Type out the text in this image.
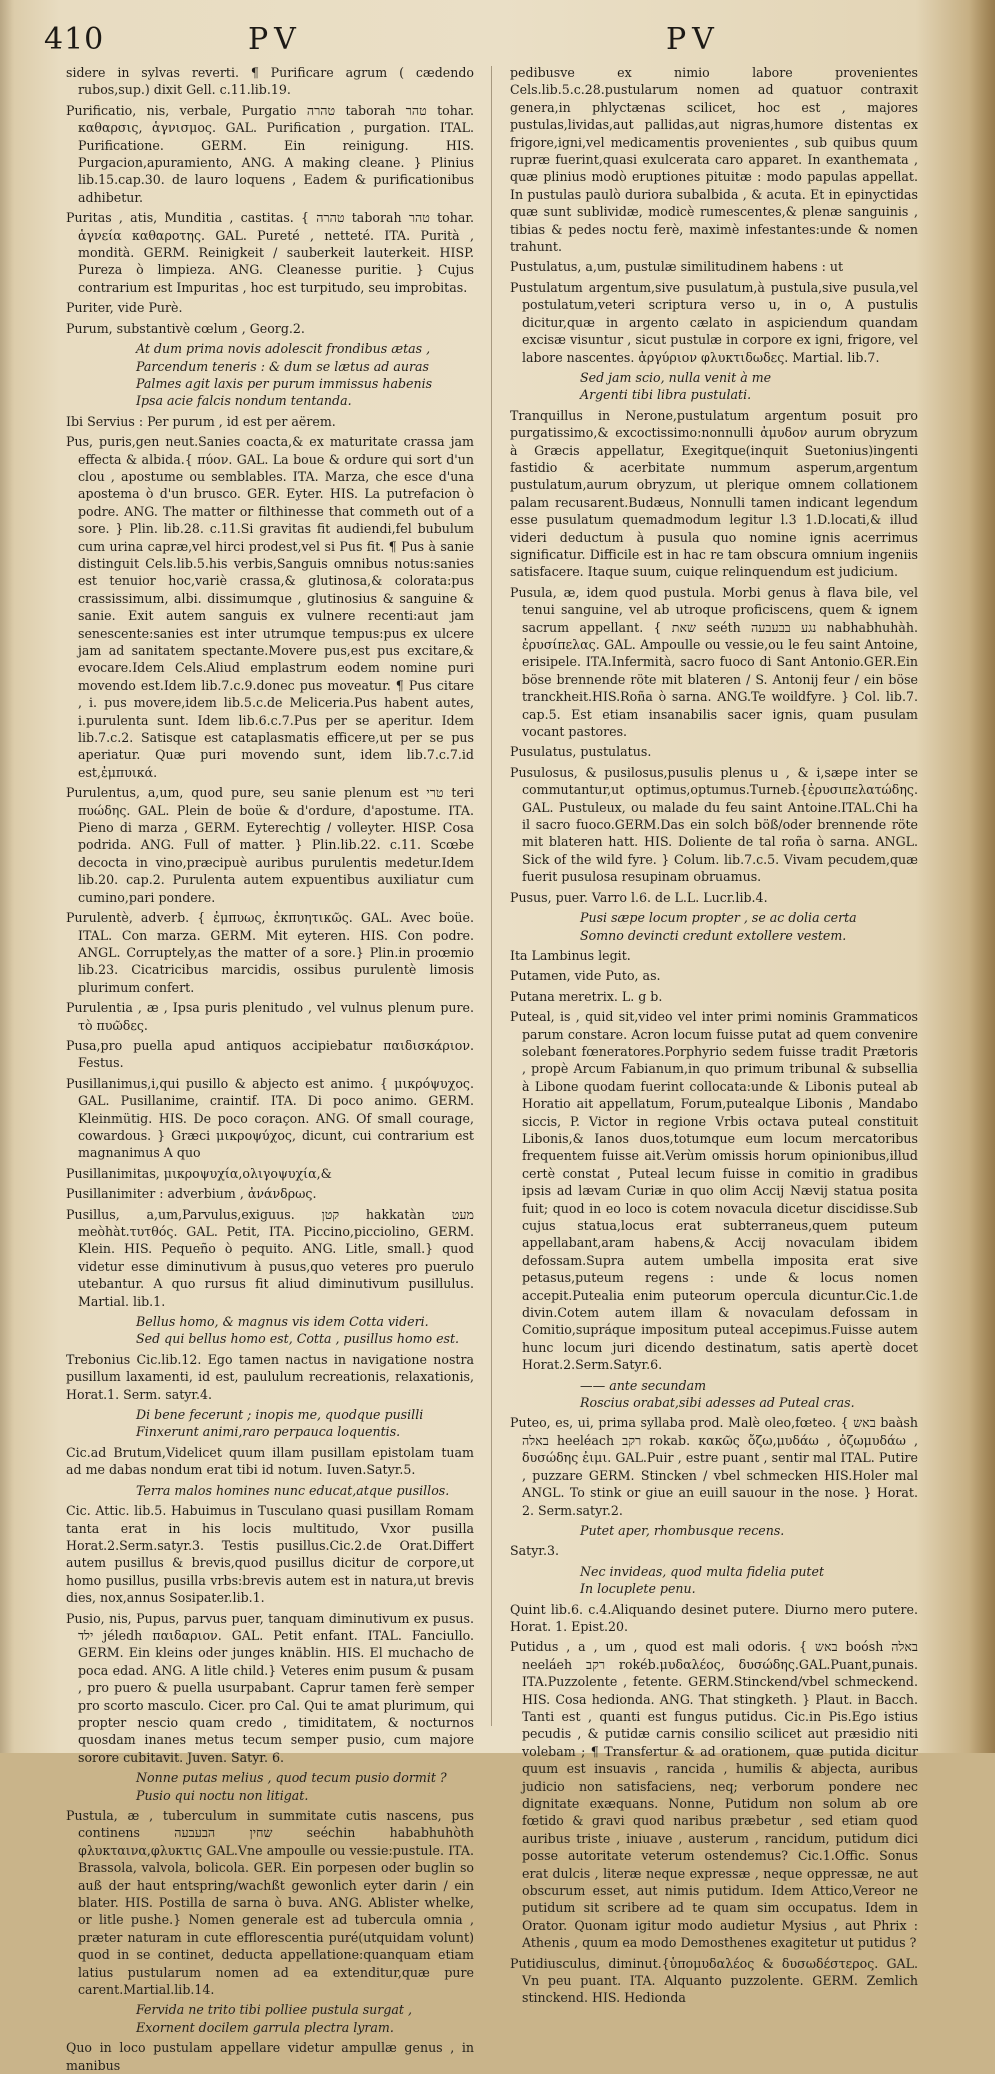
410	PV	PV

sidere in sylvas reverti. ¶ Purificare agrum ( cædendo rubos,sup.) dixit Gell. c.11.lib.19.

Purificatio, nis, verbale, Purgatio טהרה taborah טהר tohar. καθαρσις, ἁγνισμος. GAL. Purification , purgation. ITAL. Purificatione. GERM. Ein reinigung. HIS. Purgacion,apuramiento, ANG. A making cleane. } Plinius lib.15.cap.30. de lauro loquens , Eadem & purificationibus adhibetur.

Puritas , atis, Munditia , castitas. { טהרה taborah טהר tohar. ἁγνεία καθαροτης. GAL. Pureté , netteté. ITA. Purità , mondità. GERM. Reinigkeit / sauberkeit lauterkeit. HISP. Pureza ò limpieza. ANG. Cleanesse puritie. } Cujus contrarium est Impuritas , hoc est turpitudo, seu improbitas.

Puriter, vide Purè.

Purum, substantivè cœlum , Georg.2.

At dum prima novis adolescit frondibus ætas ,
Parcendum teneris : & dum se lætus ad auras
Palmes agit laxis per purum immissus habenis
Ipsa acie falcis nondum tentanda.

Ibi Servius : Per purum , id est per aërem.

Pus, puris,gen neut.Sanies coacta,& ex maturitate crassa jam effecta & albida.{ πύον. GAL. La boue & ordure qui sort d'un clou , apostume ou semblables. ITA. Marza, che esce d'una apostema ò d'un brusco. GER. Eyter. HIS. La putrefacion ò podre. ANG. The matter or filthinesse that commeth out of a sore. } Plin. lib.28. c.11.Si gravitas fit audiendi,fel bubulum cum urina capræ,vel hirci prodest,vel si Pus fit. ¶ Pus à sanie distinguit Cels.lib.5.his verbis,Sanguis omnibus notus:sanies est tenuior hoc,variè crassa,& glutinosa,& colorata:pus crassissimum, albi. dissimumque , glutinosius & sanguine & sanie. Exit autem sanguis ex vulnere recenti:aut jam senescente:sanies est inter utrumque tempus:pus ex ulcere jam ad sanitatem spectante.Movere pus,est pus excitare,& evocare.Idem Cels.Aliud emplastrum eodem nomine puri movendo est.Idem lib.7.c.9.donec pus moveatur. ¶ Pus citare , i. pus movere,idem lib.5.c.de Meliceria.Pus habent autes, i.purulenta sunt. Idem lib.6.c.7.Pus per se aperitur. Idem lib.7.c.2. Satisque est cataplasmatis efficere,ut per se pus aperiatur. Quæ puri movendo sunt, idem lib.7.c.7.id est,ἐμπυικά.

Purulentus, a,um, quod pure, seu sanie plenum est טרי teri πυώδης. GAL. Plein de boüe & d'ordure, d'apostume. ITA. Pieno di marza , GERM. Eyterechtig / volleyter. HISP. Cosa podrida. ANG. Full of matter. } Plin.lib.22. c.11. Scœbe decocta in vino,præcipuè auribus purulentis medetur.Idem lib.20. cap.2. Purulenta autem expuentibus auxiliatur cum cumino,pari pondere.

Purulentè, adverb. { ἐμπυως, ἐκπυητικῶς. GAL. Avec boüe. ITAL. Con marza. GERM. Mit eyteren. HIS. Con podre. ANGL. Corruptely,as the matter of a sore.} Plin.in proœmio lib.23. Cicatricibus marcidis, ossibus purulentè limosis plurimum confert.

Purulentia , æ , Ipsa puris plenitudo , vel vulnus plenum pure. τὸ πυῶδες.

Pusa,pro puella apud antiquos accipiebatur παιδισκάριον. Festus.

Pusillanimus,i,qui pusillo & abjecto est animo. { μικρόψυχος. GAL. Pusillanime, craintif. ITA. Di poco animo. GERM. Kleinmütig. HIS. De poco coraçon. ANG. Of small courage, cowardous. } Græci μικροψύχος, dicunt, cui contrarium est magnanimus A quo

Pusillanimitas, μικροψυχία,ολιγοψυχία,&

Pusillanimiter : adverbium , ἀνάνδρως.

Pusillus, a,um,Parvulus,exiguus. קטן hakkatàn מעט meòhàt.τυτθός. GAL. Petit, ITA. Piccino,picciolino, GERM. Klein. HIS. Pequeño ò pequito. ANG. Litle, small.} quod videtur esse diminutivum à pusus,quo veteres pro puerulo utebantur. A quo rursus fit aliud diminutivum pusillulus. Martial. lib.1.

Bellus homo, & magnus vis idem Cotta videri.
Sed qui bellus homo est, Cotta , pusillus homo est.

Trebonius Cic.lib.12. Ego tamen nactus in navigatione nostra pusillum laxamenti, id est, paululum recreationis, relaxationis, Horat.1. Serm. satyr.4.

Di bene fecerunt ; inopis me, quodque pusilli
Finxerunt animi,raro perpauca loquentis.

Cic.ad Brutum,Videlicet quum illam pusillam epistolam tuam ad me dabas nondum erat tibi id notum. Iuven.Satyr.5.

Terra malos homines nunc educat,atque pusillos.

Cic. Attic. lib.5. Habuimus in Tusculano quasi pusillam Romam tanta erat in his locis multitudo, Vxor pusilla Horat.2.Serm.satyr.3. Testis pusillus.Cic.2.de Orat.Differt autem pusillus & brevis,quod pusillus dicitur de corpore,ut homo pusillus, pusilla vrbs:brevis autem est in natura,ut brevis dies, nox,annus Sosipater.lib.1.

Pusio, nis, Pupus, parvus puer, tanquam diminutivum ex pusus. ילד jéledh παιδαριον. GAL. Petit enfant. ITAL. Fanciullo. GERM. Ein kleins oder junges knäblin. HIS. El muchacho de poca edad. ANG. A litle child.} Veteres enim pusum & pusam , pro puero & puella usurpabant. Caprur tamen ferè semper pro scorto masculo. Cicer. pro Cal. Qui te amat plurimum, qui propter nescio quam credo , timiditatem, & nocturnos quosdam inanes metus tecum semper pusio, cum majore sorore cubitavit. Juven. Satyr. 6.

Nonne putas melius , quod tecum pusio dormit ?
Pusio qui noctu non litigat.

Pustula, æ , tuberculum in summitate cutis nascens, pus continens שחין הבעבעה seéchin hababhuhòth φλυκταινα,φλυκτις GAL.Vne ampoulle ou vessie:pustule. ITA. Brassola, valvola, bolicola. GER. Ein porpesen oder buglin so auß der haut entspring/wachßt gewonlich eyter darin / ein blater. HIS. Postilla de sarna ò buva. ANG. Ablister whelke, or litle pushe.} Nomen generale est ad tubercula omnia , præter naturam in cute efflorescentia puré(utquidam volunt) quod in se continet, deducta appellatione:quanquam etiam latius pustularum nomen ad ea extenditur,quæ pure carent.Martial.lib.14.

Fervida ne trito tibi polliee pustula surgat ,
Exornent docilem garrula plectra lyram.

Quo in loco pustulam appellare videtur ampullæ genus , in manibus

pedibusve ex nimio labore provenientes Cels.lib.5.c.28.pustularum nomen ad quatuor contraxit genera,in phlyctænas scilicet, hoc est , majores pustulas,lividas,aut pallidas,aut nigras,humore distentas ex frigore,igni,vel medicamentis provenientes , sub quibus quum rupræ fuerint,quasi exulcerata caro apparet. In exanthemata , quæ plinius modò eruptiones pituitæ : modo papulas appellat. In pustulas paulò duriora subalbida , & acuta. Et in epinyctidas quæ sunt sublividæ, modicè rumescentes,& plenæ sanguinis , tibias & pedes noctu ferè, maximè infestantes:unde & nomen trahunt.

Pustulatus, a,um, pustulæ similitudinem habens : ut

Pustulatum argentum,sive pusulatum,à pustula,sive pusula,vel postulatum,veteri scriptura verso u, in o, A pustulis dicitur,quæ in argento cælato in aspiciendum quandam excisæ visuntur , sicut pustulæ in corpore ex igni, frigore, vel labore nascentes. ἀργύριον φλυκτιδωδες. Martial. lib.7.

Sed jam scio, nulla venit à me
Argenti tibi libra pustulati.

Tranquillus in Nerone,pustulatum argentum posuit pro purgatissimo,& excoctissimo:nonnulli ἀμυδον aurum obryzum à Græcis appellatur, Exegitque(inquit Suetonius)ingenti fastidio & acerbitate nummum asperum,argentum pustulatum,aurum obryzum, ut plerique omnem collationem palam recusarent.Budæus, Nonnulli tamen indicant legendum esse pusulatum quemadmodum legitur l.3 1.D.locati,& illud videri deductum à pusula quo nomine ignis acerrimus significatur. Difficile est in hac re tam obscura omnium ingeniis satisfacere. Itaque suum, cuique relinquendum est judicium.

Pusula, æ, idem quod pustula. Morbi genus à flava bile, vel tenui sanguine, vel ab utroque proficiscens, quem & ignem sacrum appellant. { שאת seéth נגע בבעבעה nabhabhuhàh. ἐρυσίπελας. GAL. Ampoulle ou vessie,ou le feu saint Antoine, erisipele. ITA.Infermità, sacro fuoco di Sant Antonio.GER.Ein böse brennende röte mit blateren / S. Antonij feur / ein böse tranckheit.HIS.Roña ò sarna. ANG.Te woildfyre. } Col. lib.7. cap.5. Est etiam insanabilis sacer ignis, quam pusulam vocant pastores.

Pusulatus, pustulatus.

Pusulosus, & pusilosus,pusulis plenus u , & i,sæpe inter se commutantur,ut optimus,optumus.Turneb.{ἐρυσιπελατώδης. GAL. Pustuleux, ou malade du feu saint Antoine.ITAL.Chi ha il sacro fuoco.GERM.Das ein solch böß/oder brennende röte mit blateren hatt. HIS. Doliente de tal roña ò sarna. ANGL. Sick of the wild fyre. } Colum. lib.7.c.5. Vivam pecudem,quæ fuerit pusulosa resupinam obruamus.

Pusus, puer. Varro l.6. de L.L. Lucr.lib.4.

Pusi sæpe locum propter , se ac dolia certa
Somno devincti credunt extollere vestem.

Ita Lambinus legit.

Putamen, vide Puto, as.

Putana meretrix. L. g b.

Puteal, is , quid sit,video vel inter primi nominis Grammaticos parum constare. Acron locum fuisse putat ad quem convenire solebant fœneratores.Porphyrio sedem fuisse tradit Prætoris , propè Arcum Fabianum,in quo primum tribunal & subsellia à Libone quodam fuerint collocata:unde & Libonis puteal ab Horatio ait appellatum, Forum,putealque Libonis , Mandabo siccis, P. Victor in regione Vrbis octava puteal constituit Libonis,& Ianos duos,totumque eum locum mercatoribus frequentem fuisse ait.Verùm omissis horum opinionibus,illud certè constat , Puteal lecum fuisse in comitio in gradibus ipsis ad lævam Curiæ in quo olim Accij Nævij statua posita fuit; quod in eo loco is cotem novacula dicetur discidisse.Sub cujus statua,locus erat subterraneus,quem puteum appellabant,aram habens,& Accij novaculam ibidem defossam.Supra autem umbella imposita erat sive petasus,puteum regens : unde & locus nomen accepit.Putealia enim puteorum opercula dicuntur.Cic.1.de divin.Cotem autem illam & novaculam defossam in Comitio,supráque impositum puteal accepimus.Fuisse autem hunc locum juri dicendo destinatum, satis apertè docet Horat.2.Serm.Satyr.6.

—— ante secundam
Roscius orabat,sibi adesses ad Puteal cras.

Puteo, es, ui, prima syllaba prod. Malè oleo,fœteo. { באש baàsh באלה heeléach רקב rokab. κακῶς ὄζω,μυδάω , ὀζωμυδάω , δυσώδης ἐιμι. GAL.Puir , estre puant , sentir mal ITAL. Putire , puzzare GERM. Stincken / vbel schmecken HIS.Holer mal ANGL. To stink or giue an euill sauour in the nose. } Horat. 2. Serm.satyr.2.

Putet aper, rhombusque recens.

Satyr.3.

Nec invideas, quod multa fidelia putet
In locuplete penu.

Quint lib.6. c.4.Aliquando desinet putere. Diurno mero putere. Horat. 1. Epist.20.

Putidus , a , um , quod est mali odoris. { באש boósh באלה neeláeh רקב rokéb.μυδαλέος, δυσώδης.GAL.Puant,punais. ITA.Puzzolente , fetente. GERM.Stinckend/vbel schmeckend. HIS. Cosa hedionda. ANG. That stingketh. } Plaut. in Bacch. Tanti est , quanti est fungus putidus. Cic.in Pis.Ego istius pecudis , & putidæ carnis consilio scilicet aut præsidio niti volebam ; ¶ Transfertur & ad orationem, quæ putida dicitur quum est insuavis , rancida , humilis & abjecta, auribus judicio non satisfaciens, neq; verborum pondere nec dignitate exæquans. Nonne, Putidum non solum ab ore fœtido & gravi quod naribus præbetur , sed etiam quod auribus triste , iniuave , austerum , rancidum, putidum dici posse autoritate veterum ostendemus? Cic.1.Offic. Sonus erat dulcis , literæ neque expressæ , neque oppressæ, ne aut obscurum esset, aut nimis putidum. Idem Attico,Vereor ne putidum sit scribere ad te quam sim occupatus. Idem in Orator. Quonam igitur modo audietur Mysius , aut Phrix : Athenis , quum ea modo Demosthenes exagitetur ut putidus ?

Putidiusculus, diminut.{ὑπομυδαλέος & δυσωδέστερος. GAL. Vn peu puant. ITA. Alquanto puzzolente. GERM. Zemlich stinckend. HIS. Hedionda
